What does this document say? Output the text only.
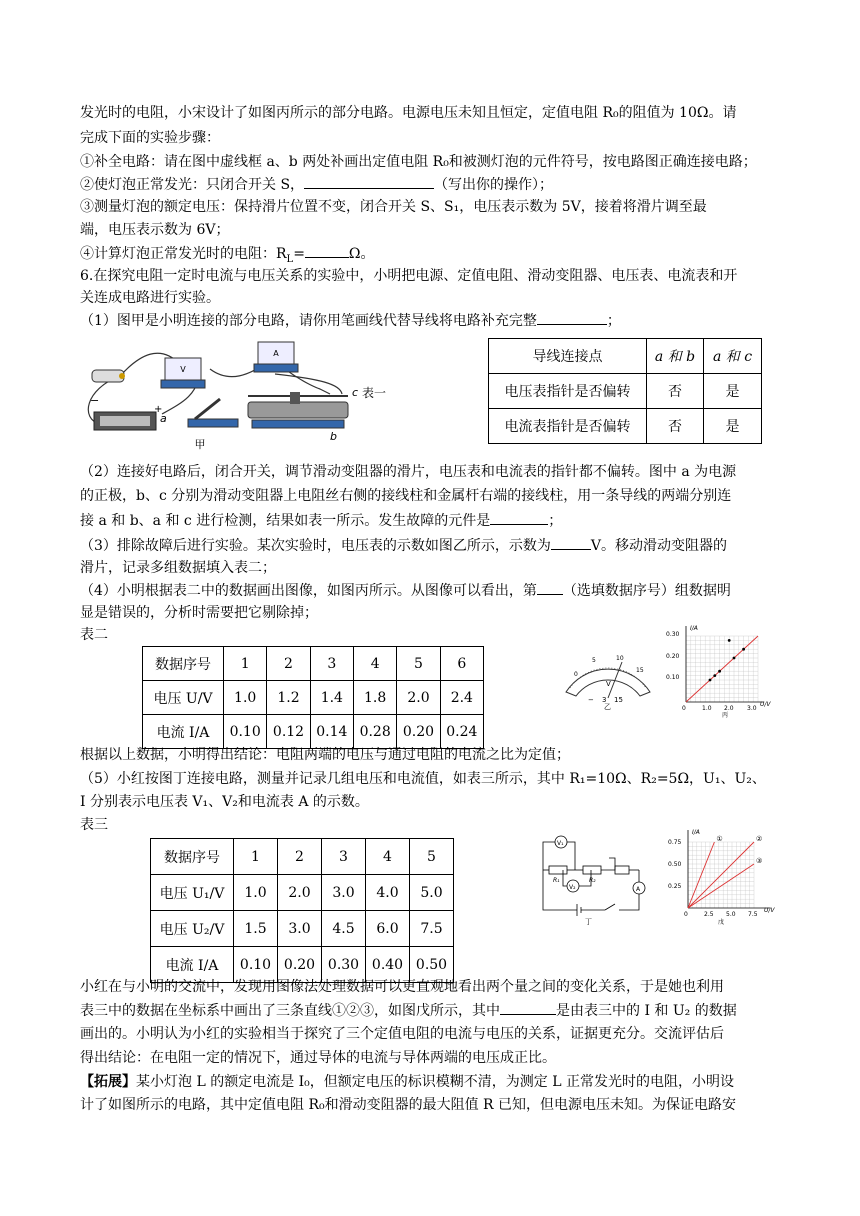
发光时的电阻，小宋设计了如图丙所示的部分电路。电源电压未知且恒定，定值电阻 R₀的阻值为 10Ω。请
完成下面的实验步骤：
①补全电路：请在图中虚线框 a、b 两处补画出定值电阻 R₀和被测灯泡的元件符号，按电路图正确连接电路；
②使灯泡正常发光：只闭合开关 S，	（写出你的操作）；
③测量灯泡的额定电压：保持滑片位置不变，闭合开关 S、S₁，电压表示数为 5V，接着将滑片调至最
端，电压表示数为 6V；
④计算灯泡正常发光时的电阻：$R_L=$	Ω。
6.在探究电阻一定时电流与电压关系的实验中，小明把电源、定值电阻、滑动变阻器、电压表、电流表和开
关连成电路进行实验。
（1）图甲是小明连接的部分电路，请你用笔画线代替导线将电路补充完整	；
V
A
−
+
a
b
c 表一
甲
导线连接点	a 和 b	a 和 c
电压表指针是否偏转	否	是
电流表指针是否偏转	否	是
（2）连接好电路后，闭合开关，调节滑动变阻器的滑片，电压表和电流表的指针都不偏转。图中 a 为电源
的正极，b、c 分别为滑动变阻器上电阻丝右侧的接线柱和金属杆右端的接线柱，用一条导线的两端分别连
接 a 和 b、a 和 c 进行检测，结果如表一所示。发生故障的元件是	；
（3）排除故障后进行实验。某次实验时，电压表的示数如图乙所示，示数为	V。移动滑动变阻器的
滑片，记录多组数据填入表二；
（4）小明根据表二中的数据画出图像，如图丙所示。从图像可以看出，第 （选填数据序号）组数据明
显是错误的，分析时需要把它剔除掉；
表二
数据序号	1	2	3	4	5	6
电压 U/V	1.0	1.2	1.4	1.8	2.0	2.4
电流 I/A	0.10	0.12	0.14	0.28	0.20	0.24
0
5	10
15
V
− 3 15
乙
I/A
U/V
0.30
0.20
0.10
0	1.0 2.0 3.0
丙
根据以上数据，小明得出结论：电阻两端的电压与通过电阻的电流之比为定值；
（5）小红按图丁连接电路，测量并记录几组电压和电流值，如表三所示，其中 R₁=10Ω、R₂=5Ω，U₁、U₂、
I 分别表示电压表 V₁、V₂和电流表 A 的示数。
表三
数据序号	1	2	3	4	5
电压 U₁/V	1.0	2.0	3.0	4.0	5.0
电压 U₂/V	1.5	3.0	4.5	6.0	7.5
电流 I/A	0.10	0.20	0.30	0.40	0.50
V₁
V₂	A
R₁	R₂
丁
①	②
③
I/A
U/V
0.75
0.50
0.25
0	2.5 5.0 7.5
戊
小红在与小明的交流中，发现用图像法处理数据可以更直观地看出两个量之间的变化关系，于是她也利用
表三中的数据在坐标系中画出了三条直线①②③，如图戊所示，其中	是由表三中的 I 和 U₂ 的数据
画出的。小明认为小红的实验相当于探究了三个定值电阻的电流与电压的关系，证据更充分。交流评估后
得出结论：在电阻一定的情况下，通过导体的电流与导体两端的电压成正比。
【拓展】某小灯泡 L 的额定电流是 I₀，但额定电压的标识模糊不清，为测定 L 正常发光时的电阻，小明设
计了如图所示的电路，其中定值电阻 R₀和滑动变阻器的最大阻值 R 已知，但电源电压未知。为保证电路安
